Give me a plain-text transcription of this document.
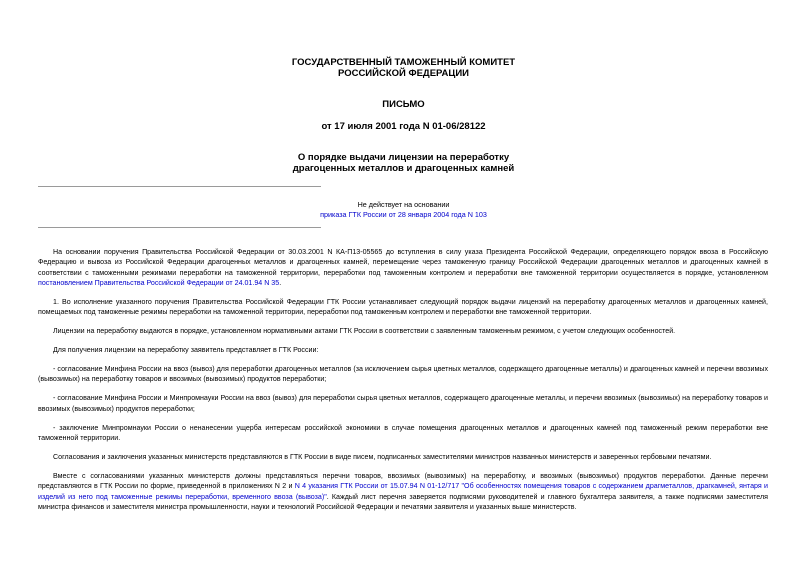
ГОСУДАРСТВЕННЫЙ ТАМОЖЕННЫЙ КОМИТЕТ
РОССИЙСКОЙ ФЕДЕРАЦИИ
ПИСЬМО
от 17 июля 2001 года N 01-06/28122
О порядке выдачи лицензии на переработку
драгоценных металлов и драгоценных камней
Не действует на основании
приказа ГТК России от 28 января 2004 года N 103

На основании поручения Правительства Российской Федерации от 30.03.2001 N КА-П13-05565 до вступления в силу указа Президента Российской Федерации, определяющего порядок ввоза в Российскую Федерацию и вывоза из Российской Федерации драгоценных металлов и драгоценных камней, перемещение через таможенную границу Российской Федерации драгоценных металлов и драгоценных камней в соответствии с таможенными режимами переработки на таможенной территории, переработки под таможенным контролем и переработки вне таможенной территории осуществляется в порядке, установленном постановлением Правительства Российской Федерации от 24.01.94 N 35.

1. Во исполнение указанного поручения Правительства Российской Федерации ГТК России устанавливает следующий порядок выдачи лицензий на переработку драгоценных металлов и драгоценных камней, помещаемых под таможенные режимы переработки на таможенной территории, переработки под таможенным контролем и переработки вне таможенной территории.

Лицензии на переработку выдаются в порядке, установленном нормативными актами ГТК России в соответствии с заявленным таможенным режимом, с учетом следующих особенностей.

Для получения лицензии на переработку заявитель представляет в ГТК России:

- согласование Минфина России на ввоз (вывоз) для переработки драгоценных металлов (за исключением сырья цветных металлов, содержащего драгоценные металлы) и драгоценных камней и перечни ввозимых (вывозимых) на переработку товаров и ввозимых (вывозимых) продуктов переработки;

- согласование Минфина России и Минпромнауки России на ввоз (вывоз) для переработки сырья цветных металлов, содержащего драгоценные металлы, и перечни ввозимых (вывозимых) на переработку товаров и ввозимых (вывозимых) продуктов переработки;

- заключение Минпромнауки России о ненанесении ущерба интересам российской экономики в случае помещения драгоценных металлов и драгоценных камней под таможенный режим переработки вне таможенной территории.

Согласования и заключения указанных министерств представляются в ГТК России в виде писем, подписанных заместителями министров названных министерств и заверенных гербовыми печатями.

Вместе с согласованиями указанных министерств должны представляться перечни товаров, ввозимых (вывозимых) на переработку, и ввозимых (вывозимых) продуктов переработки. Данные перечни представляются в ГТК России по форме, приведенной в приложениях N 2 и N 4 указания ГТК России от 15.07.94 N 01-12/717 "Об особенностях помещения товаров с содержанием драгметаллов, драгкамней, янтаря и изделий из него под таможенные режимы переработки, временного ввоза (вывоза)". Каждый лист перечня заверяется подписями руководителей и главного бухгалтера заявителя, а также подписями заместителя министра финансов и заместителя министра промышленности, науки и технологий Российской Федерации и печатями заявителя и указанных выше министерств.
